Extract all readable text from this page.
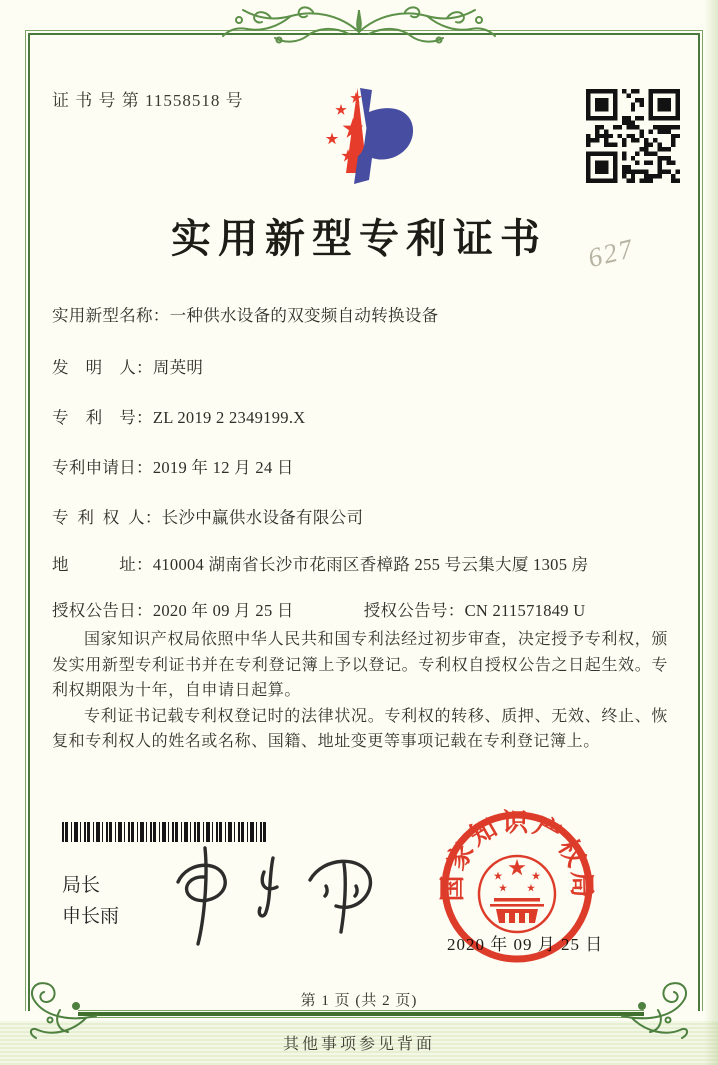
证 书 号 第 11558518 号
实用新型专利证书	627
实用新型名称：一种供水设备的双变频自动转换设备
发　明　人：周英明
专　利　号：ZL 2019 2 2349199.X
专利申请日：2019 年 12 月 24 日
专 利 权 人：长沙中赢供水设备有限公司
地　　　址：410004 湖南省长沙市花雨区香樟路 255 号云集大厦 1305 房
授权公告日：2020 年 09 月 25 日	授权公告号：CN 211571849 U

国家知识产权局依照中华人民共和国专利法经过初步审查，决定授予专利权，颁发实用新型专利证书并在专利登记簿上予以登记。专利权自授权公告之日起生效。专利权期限为十年，自申请日起算。

专利证书记载专利权登记时的法律状况。专利权的转移、质押、无效、终止、恢复和专利权人的姓名或名称、国籍、地址变更等事项记载在专利登记簿上。

局长
申长雨
2020 年 09 月 25 日
国家知识产权局
第 1 页 (共 2 页)
其他事项参见背面
